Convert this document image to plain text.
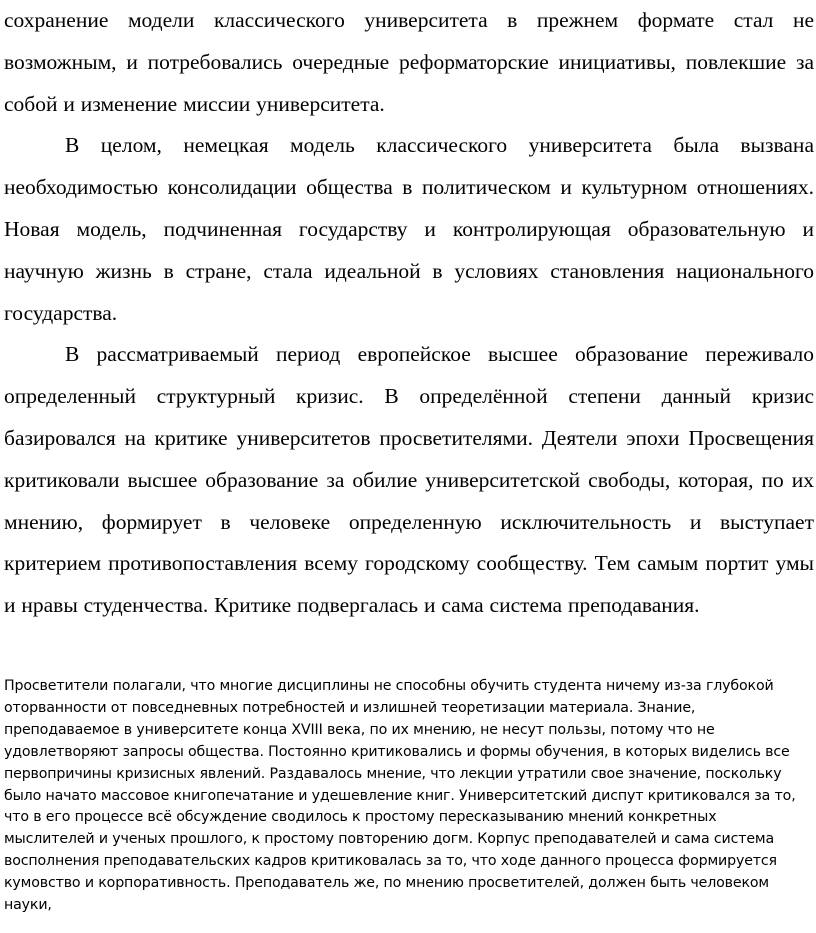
сохранение модели классического университета в прежнем формате стал не возможным, и потребовались очередные реформаторские инициативы, повлекшие за собой и изменение миссии университета.

В целом, немецкая модель классического университета была вызвана необходимостью консолидации общества в политическом и культурном отношениях. Новая модель, подчиненная государству и контролирующая образовательную и научную жизнь в стране, стала идеальной в условиях становления национального государства.

В рассматриваемый период европейское высшее образование переживало определенный структурный кризис. В определённой степени данный кризис базировался на критике университетов просветителями. Деятели эпохи Просвещения критиковали высшее образование за обилие университетской свободы, которая, по их мнению, формирует в человеке определенную исключительность и выступает критерием противопоставления всему городскому сообществу. Тем самым портит умы и нравы студенчества. Критике подвергалась и сама система преподавания.

Просветители полагали, что многие дисциплины не способны обучить студента ничему из-за глубокой оторванности от повседневных потребностей и излишней теоретизации материала. Знание, преподаваемое в университете конца XVIII века, по их мнению, не несут пользы, потому что не удовлетворяют запросы общества. Постоянно критиковались и формы обучения, в которых виделись все первопричины кризисных явлений. Раздавалось мнение, что лекции утратили свое значение, поскольку было начато массовое книгопечатание и удешевление книг. Университетский диспут критиковался за то, что в его процессе всё обсуждение сводилось к простому пересказыванию мнений конкретных мыслителей и ученых прошлого, к простому повторению догм. Корпус преподавателей и сама система восполнения преподавательских кадров критиковалась за то, что ходе данного процесса формируется кумовство и корпоративность. Преподаватель же, по мнению просветителей, должен быть человеком науки,
